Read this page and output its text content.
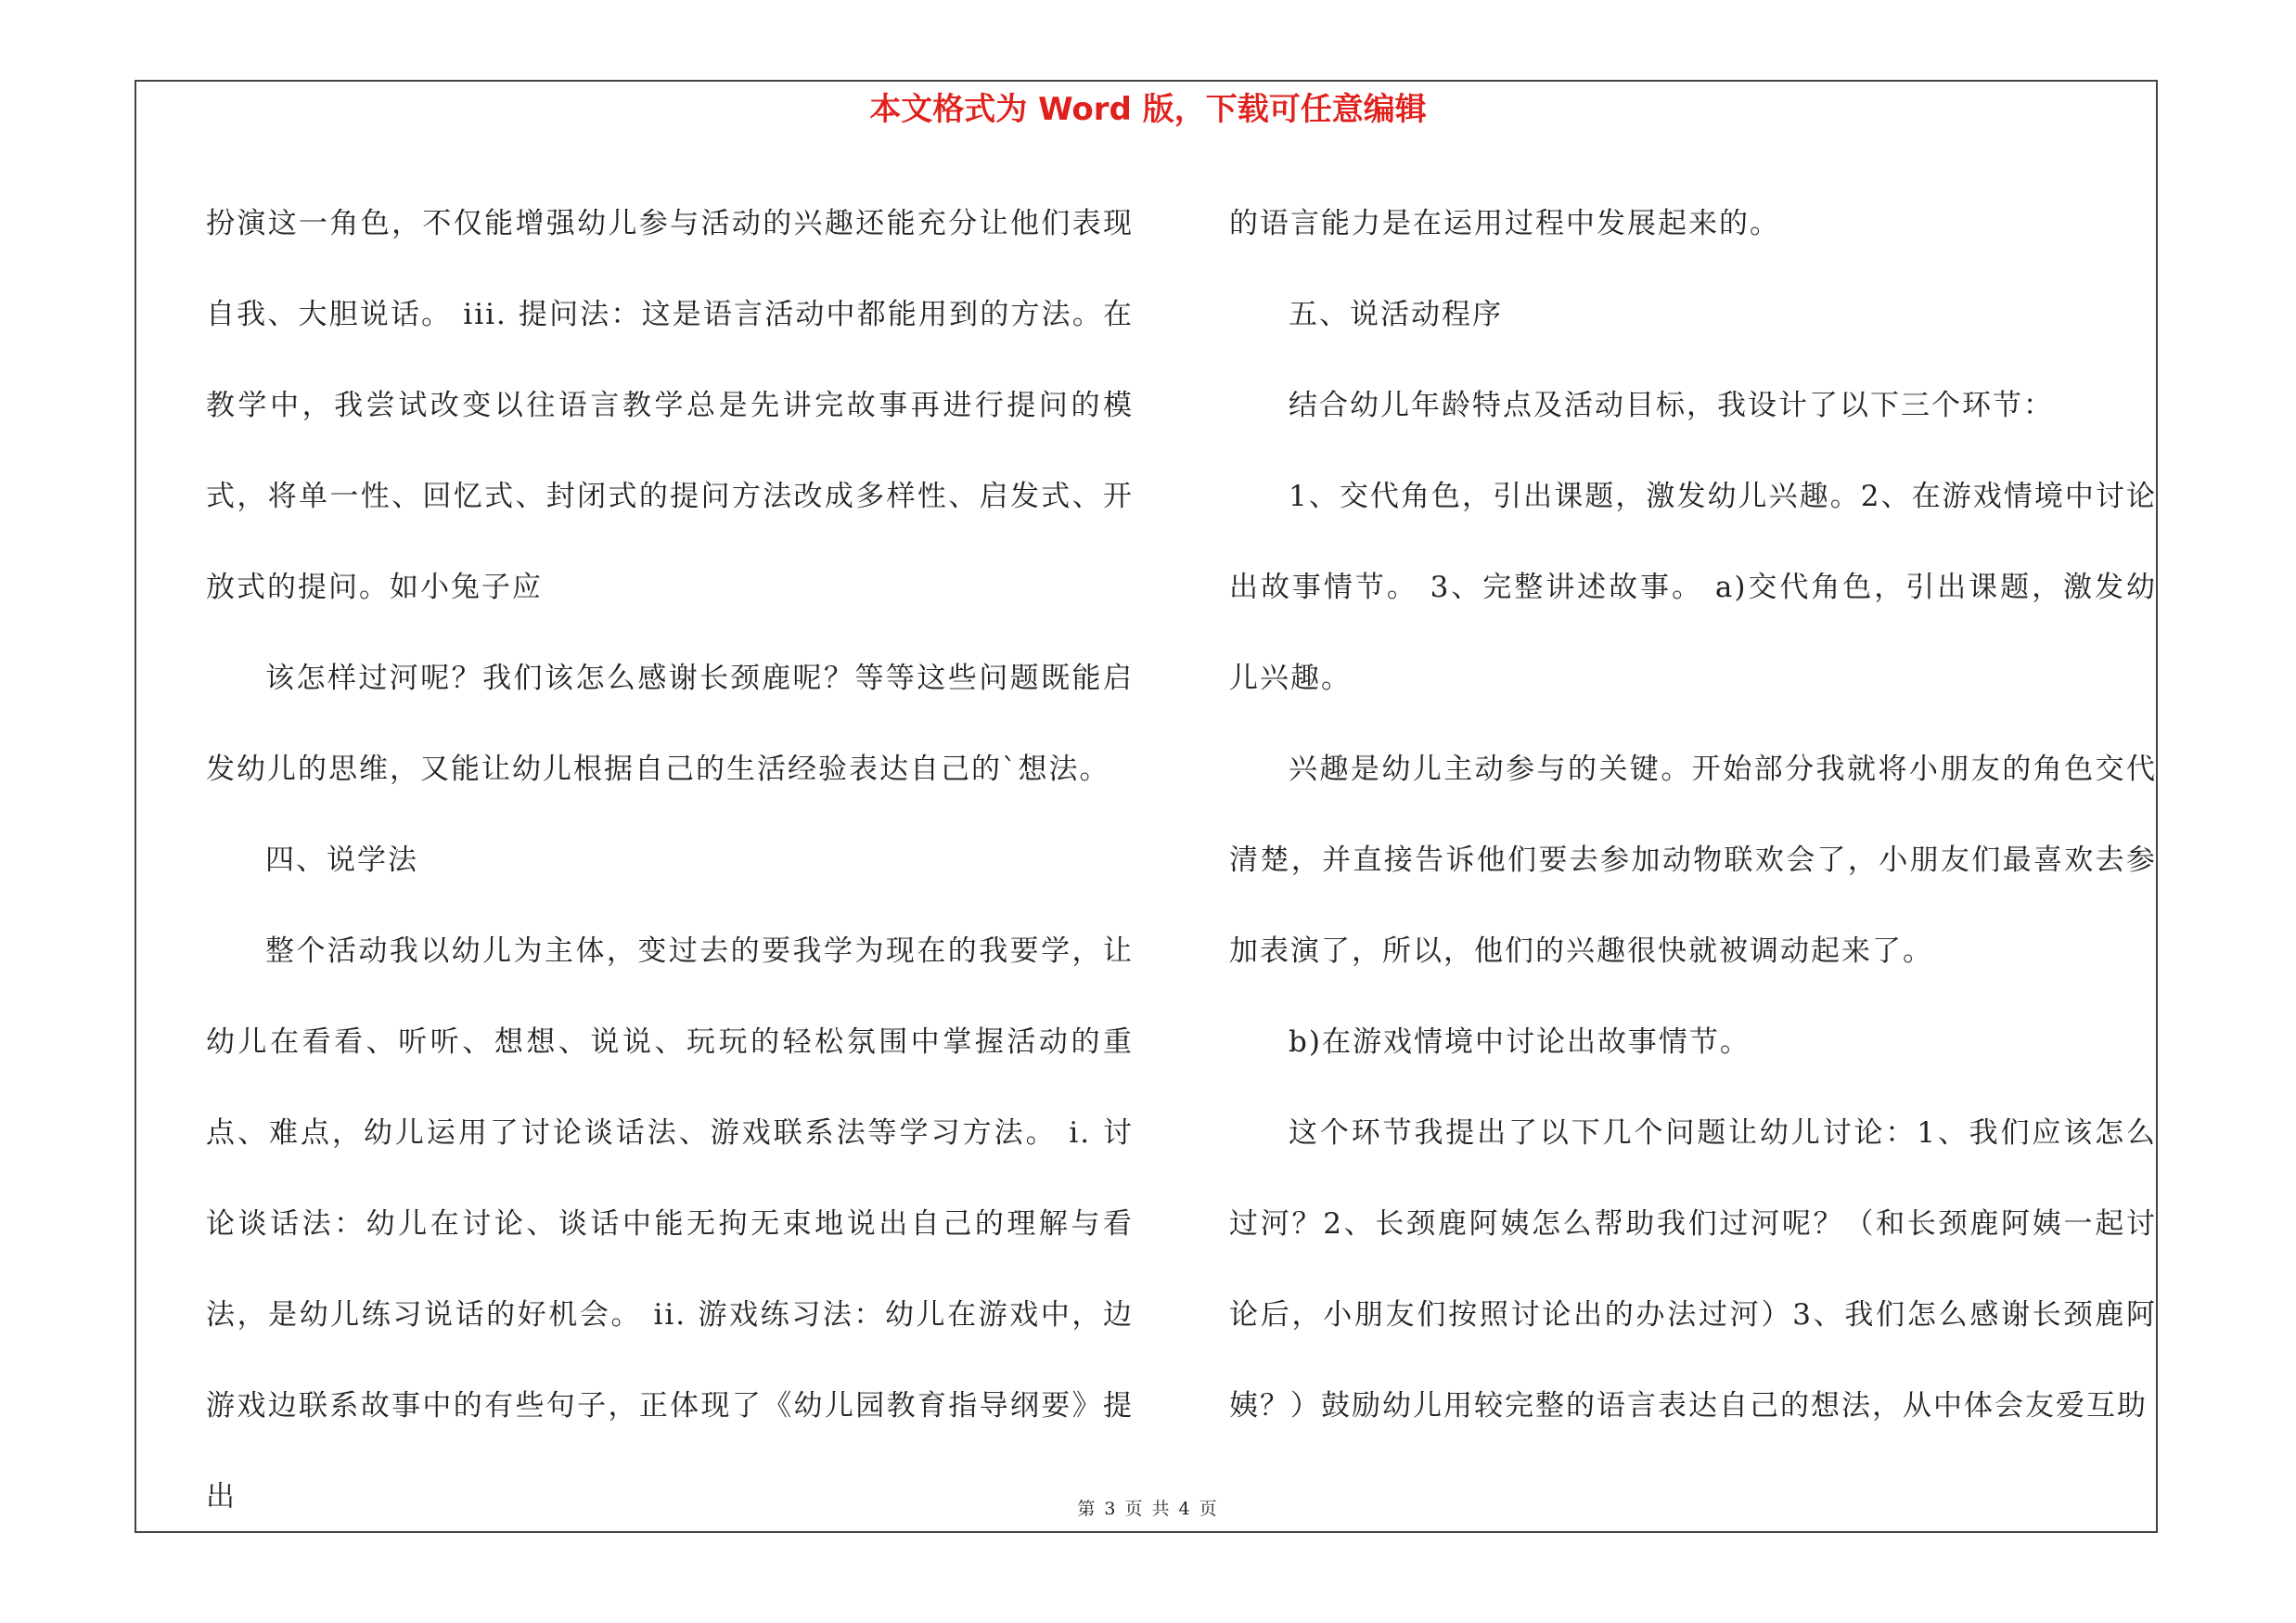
本文格式为 Word 版，下载可任意编辑

扮演这一角色，不仅能增强幼儿参与活动的兴趣还能充分让他们表现自我、大胆说话。 iii. 提问法：这是语言活动中都能用到的方法。在教学中，我尝试改变以往语言教学总是先讲完故事再进行提问的模式，将单一性、回忆式、封闭式的提问方法改成多样性、启发式、开放式的提问。如小兔子应

该怎样过河呢？我们该怎么感谢长颈鹿呢？等等这些问题既能启发幼儿的思维，又能让幼儿根据自己的生活经验表达自己的`想法。

四、说学法

整个活动我以幼儿为主体，变过去的要我学为现在的我要学，让幼儿在看看、听听、想想、说说、玩玩的轻松氛围中掌握活动的重点、难点，幼儿运用了讨论谈话法、游戏联系法等学习方法。 i. 讨论谈话法：幼儿在讨论、谈话中能无拘无束地说出自己的理解与看法，是幼儿练习说话的好机会。 ii. 游戏练习法：幼儿在游戏中，边游戏边联系故事中的有些句子，正体现了《幼儿园教育指导纲要》提出

的语言能力是在运用过程中发展起来的。

五、说活动程序

结合幼儿年龄特点及活动目标，我设计了以下三个环节：

1、交代角色，引出课题，激发幼儿兴趣。2、在游戏情境中讨论出故事情节。 3、完整讲述故事。 a)交代角色，引出课题，激发幼儿兴趣。

兴趣是幼儿主动参与的关键。开始部分我就将小朋友的角色交代清楚，并直接告诉他们要去参加动物联欢会了，小朋友们最喜欢去参加表演了，所以，他们的兴趣很快就被调动起来了。

b)在游戏情境中讨论出故事情节。

这个环节我提出了以下几个问题让幼儿讨论：1、我们应该怎么过河？2、长颈鹿阿姨怎么帮助我们过河呢？（和长颈鹿阿姨一起讨论后，小朋友们按照讨论出的办法过河）3、我们怎么感谢长颈鹿阿姨？）鼓励幼儿用较完整的语言表达自己的想法，从中体会友爱互助

第 3 页 共 4 页
